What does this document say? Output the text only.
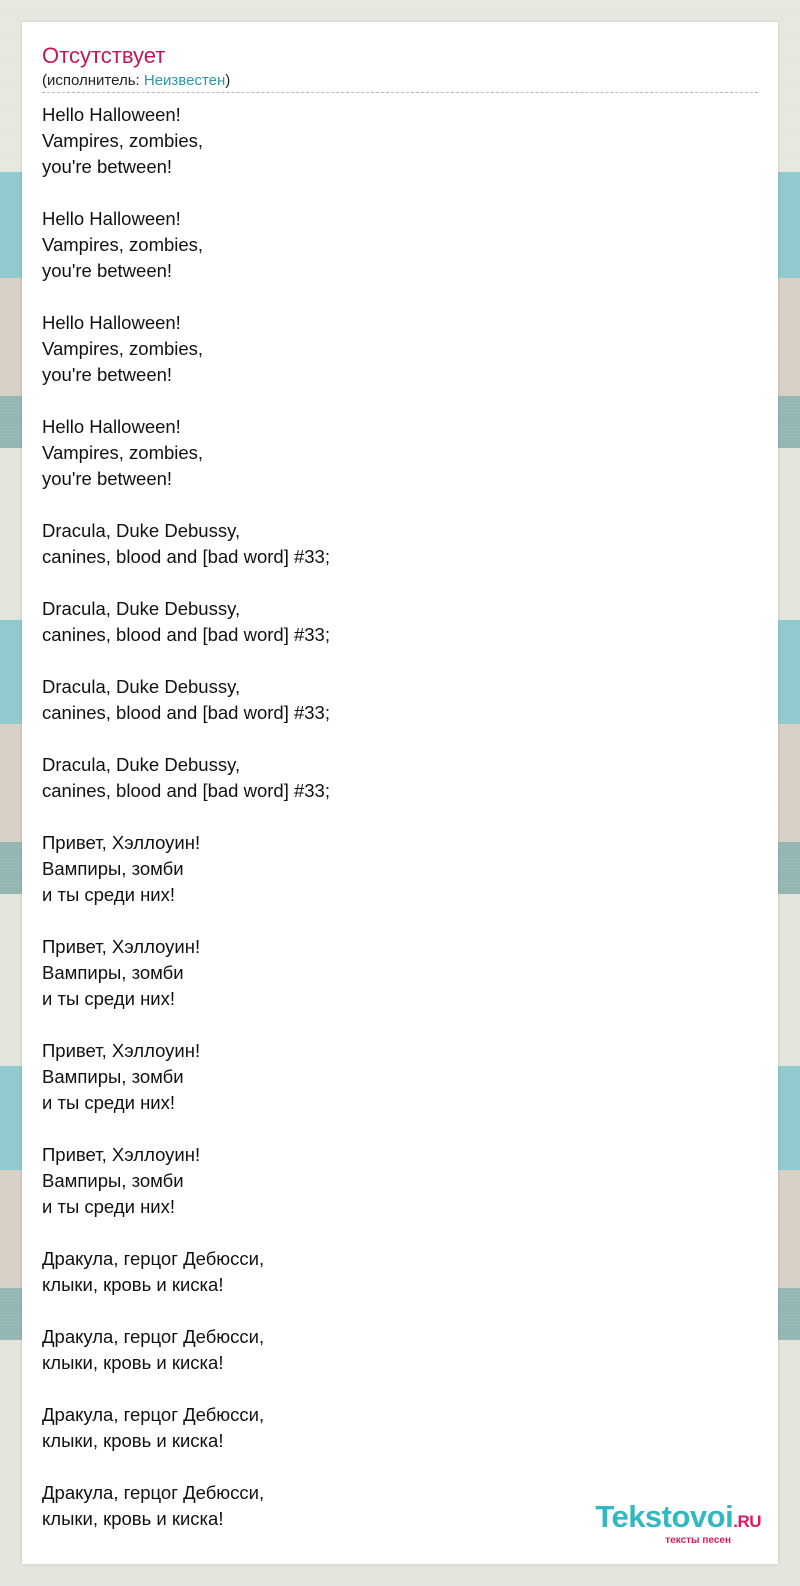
Отсутствует
(исполнитель: Неизвестен)
Hello Halloween!
Vampires, zombies,
you're between!
Hello Halloween!
Vampires, zombies,
you're between!
Hello Halloween!
Vampires, zombies,
you're between!
Hello Halloween!
Vampires, zombies,
you're between!
Dracula, Duke Debussy,
canines, blood and [bad word] #33;
Dracula, Duke Debussy,
canines, blood and [bad word] #33;
Dracula, Duke Debussy,
canines, blood and [bad word] #33;
Dracula, Duke Debussy,
canines, blood and [bad word] #33;
Привет, Хэллоуин!
Вампиры, зомби
и ты среди них!
Привет, Хэллоуин!
Вампиры, зомби
и ты среди них!
Привет, Хэллоуин!
Вампиры, зомби
и ты среди них!
Привет, Хэллоуин!
Вампиры, зомби
и ты среди них!
Дракула, герцог Дебюсси,
клыки, кровь и киска!
Дракула, герцог Дебюсси,
клыки, кровь и киска!
Дракула, герцог Дебюсси,
клыки, кровь и киска!
Дракула, герцог Дебюсси,
клыки, кровь и киска!	Tekstovoi.RU
тексты песен
